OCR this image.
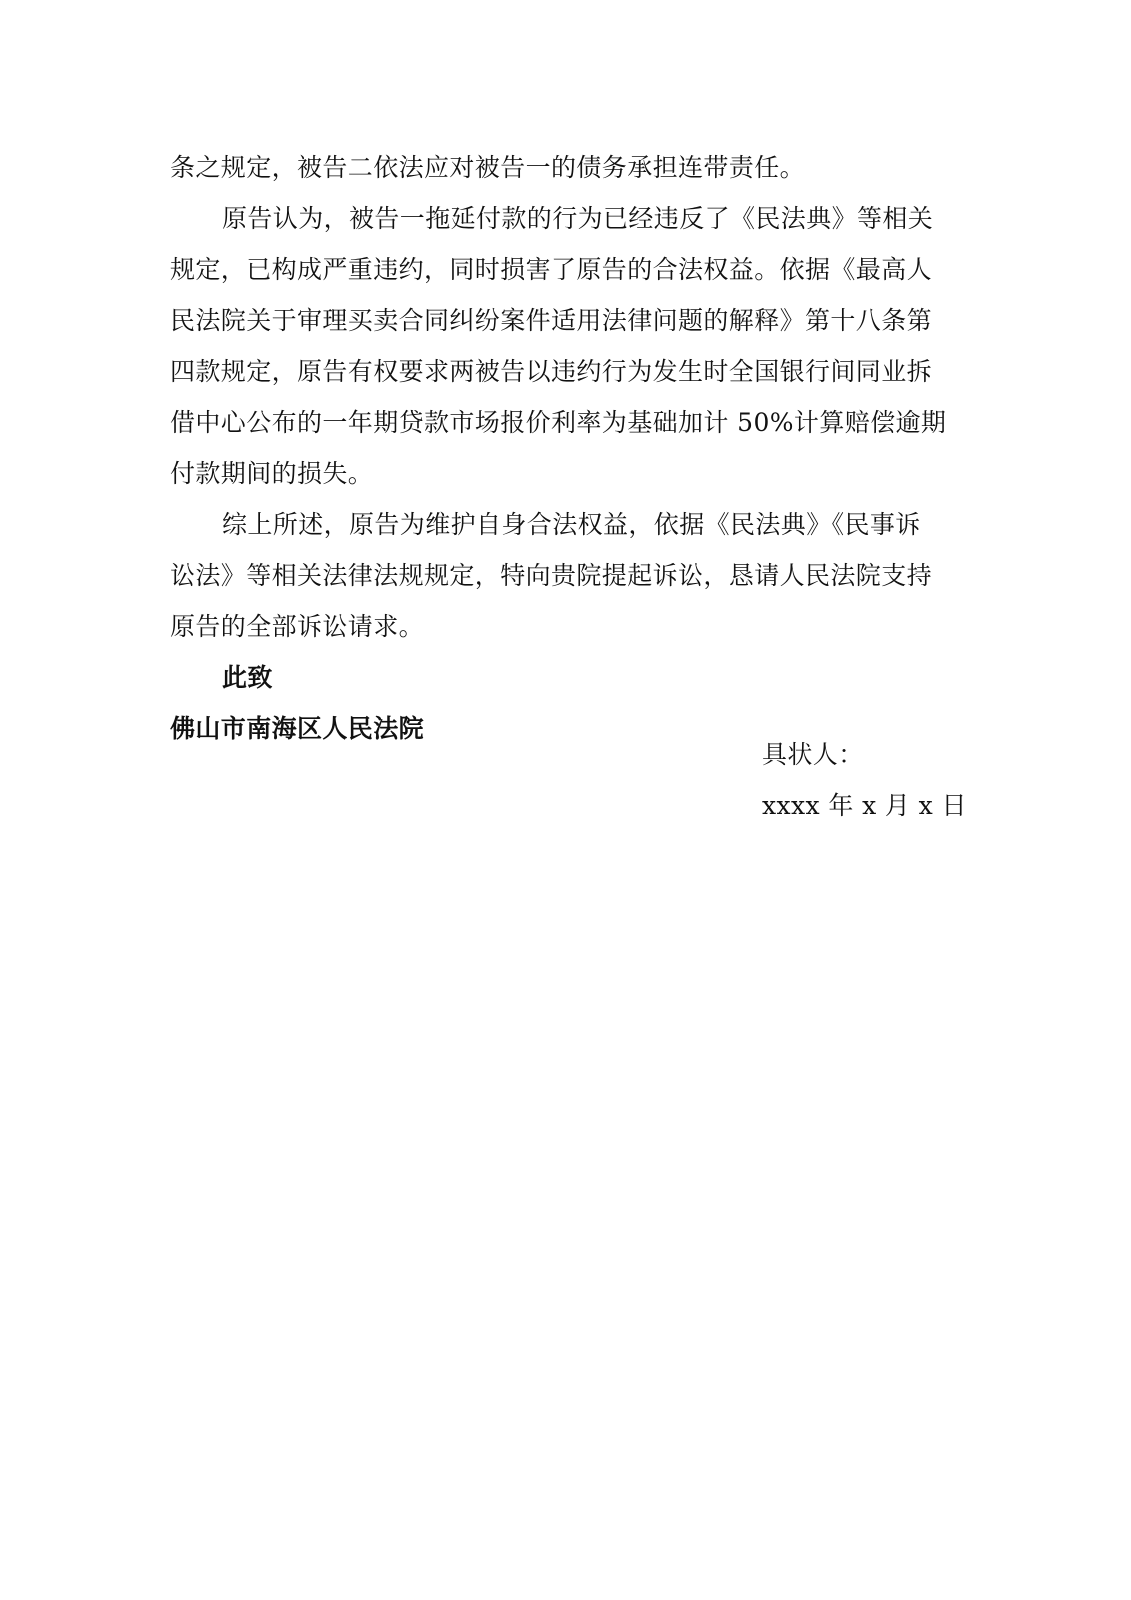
条之规定，被告二依法应对被告一的债务承担连带责任。
原告认为，被告一拖延付款的行为已经违反了《民法典》等相关
规定，已构成严重违约，同时损害了原告的合法权益。依据《最高人
民法院关于审理买卖合同纠纷案件适用法律问题的解释》第十八条第
四款规定，原告有权要求两被告以违约行为发生时全国银行间同业拆
借中心公布的一年期贷款市场报价利率为基础加计 50%计算赔偿逾期
付款期间的损失。
综上所述，原告为维护自身合法权益，依据《民法典》《民事诉
讼法》等相关法律法规规定，特向贵院提起诉讼，恳请人民法院支持
原告的全部诉讼请求。
此致
佛山市南海区人民法院
具状人：
xxxx 年 x 月 x 日
